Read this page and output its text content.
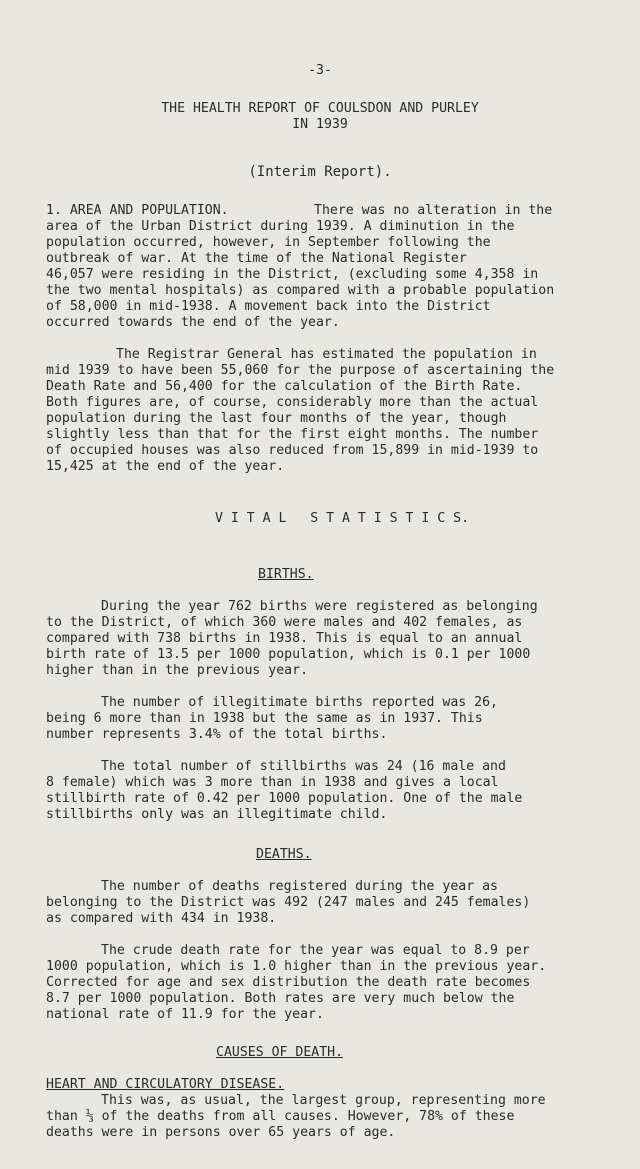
-3-
THE HEALTH REPORT OF COULSDON AND PURLEY
IN 1939
(Interim Report).
1. AREA AND POPULATION.	There was no alteration in the
area of the Urban District during 1939. A diminution in the
population occurred, however, in September following the
outbreak of war. At the time of the National Register
46,057 were residing in the District, (excluding some 4,358 in
the two mental hospitals) as compared with a probable population
of 58,000 in mid-1938. A movement back into the District
occurred towards the end of the year.
The Registrar General has estimated the population in
mid 1939 to have been 55,060 for the purpose of ascertaining the
Death Rate and 56,400 for the calculation of the Birth Rate.
Both figures are, of course, considerably more than the actual
population during the last four months of the year, though
slightly less than that for the first eight months. The number
of occupied houses was also reduced from 15,899 in mid-1939 to
15,425 at the end of the year.
V I T A L   S T A T I S T I C S.
BIRTHS.
During the year 762 births were registered as belonging
to the District, of which 360 were males and 402 females, as
compared with 738 births in 1938. This is equal to an annual
birth rate of 13.5 per 1000 population, which is 0.1 per 1000
higher than in the previous year.
The number of illegitimate births reported was 26,
being 6 more than in 1938 but the same as in 1937. This
number represents 3.4% of the total births.
The total number of stillbirths was 24 (16 male and
8 female) which was 3 more than in 1938 and gives a local
stillbirth rate of 0.42 per 1000 population. One of the male
stillbirths only was an illegitimate child.
DEATHS.
The number of deaths registered during the year as
belonging to the District was 492 (247 males and 245 females)
as compared with 434 in 1938.
The crude death rate for the year was equal to 8.9 per
1000 population, which is 1.0 higher than in the previous year.
Corrected for age and sex distribution the death rate becomes
8.7 per 1000 population. Both rates are very much below the
national rate of 11.9 for the year.
CAUSES OF DEATH.
HEART AND CIRCULATORY DISEASE.
This was, as usual, the largest group, representing more
than ⅓ of the deaths from all causes. However, 78% of these
deaths were in persons over 65 years of age.
